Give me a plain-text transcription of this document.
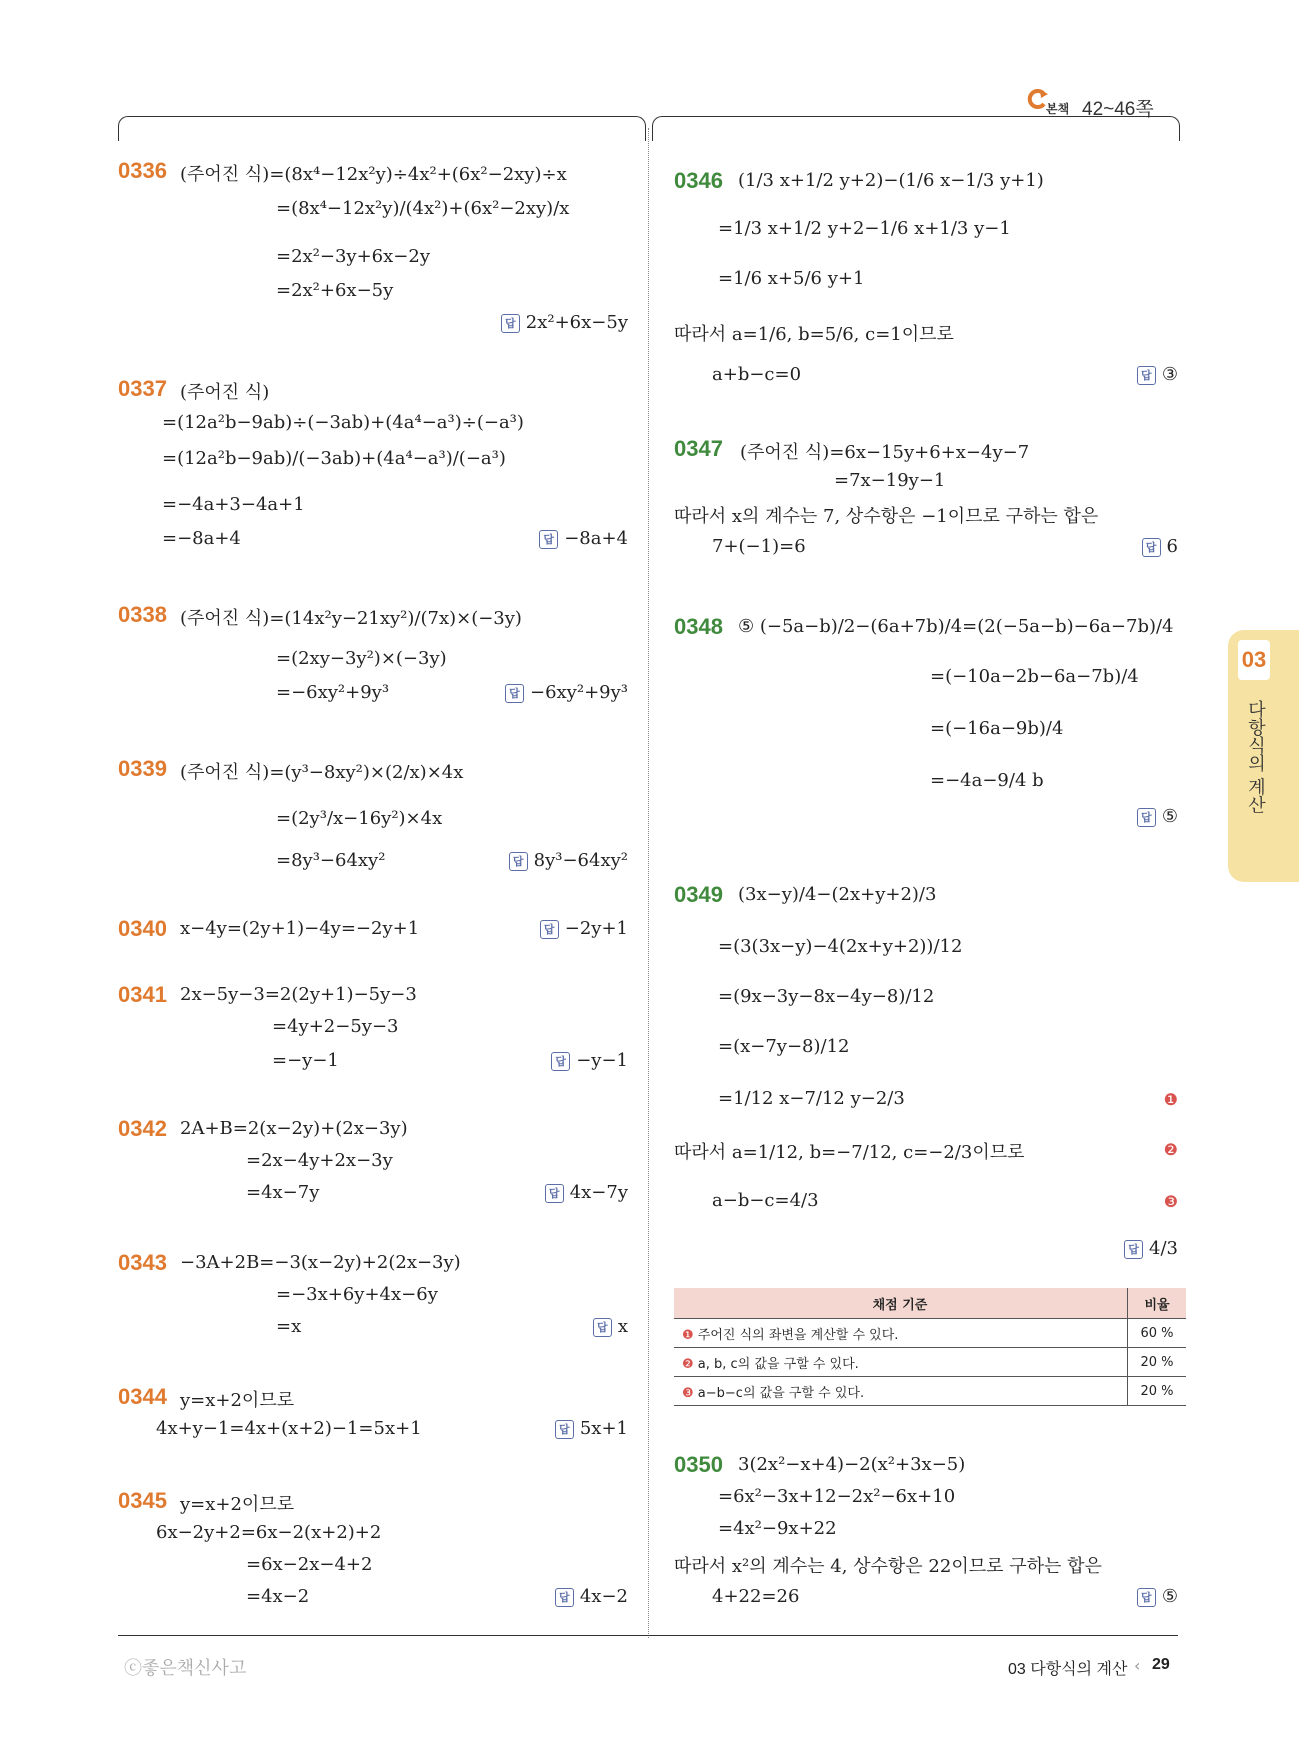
본책 42~46쪽
03
다항식의 계산
0336 (주어진 식)=(8x⁴−12x²y)÷4x²+(6x²−2xy)÷x
=(8x⁴−12x²y)/(4x²)+(6x²−2xy)/x
=2x²−3y+6x−2y
=2x²+6x−5y
답 2x²+6x−5y
0337 (주어진 식)
=(12a²b−9ab)÷(−3ab)+(4a⁴−a³)÷(−a³)
=(12a²b−9ab)/(−3ab)+(4a⁴−a³)/(−a³)
=−4a+3−4a+1
=−8a+4	답 −8a+4
0338 (주어진 식)=(14x²y−21xy²)/(7x)×(−3y)
=(2xy−3y²)×(−3y)
=−6xy²+9y³	답 −6xy²+9y³
0339 (주어진 식)=(y³−8xy²)×(2/x)×4x
=(2y³/x−16y²)×4x
=8y³−64xy²	답 8y³−64xy²
0340 x−4y=(2y+1)−4y=−2y+1	답 −2y+1
0341 2x−5y−3=2(2y+1)−5y−3
=4y+2−5y−3
=−y−1	답 −y−1
0342 2A+B=2(x−2y)+(2x−3y)
=2x−4y+2x−3y
=4x−7y	답 4x−7y
0343 −3A+2B=−3(x−2y)+2(2x−3y)
=−3x+6y+4x−6y
=x	답 x
0344 y=x+2이므로
4x+y−1=4x+(x+2)−1=5x+1	답 5x+1
0345 y=x+2이므로
6x−2y+2=6x−2(x+2)+2
=6x−2x−4+2
=4x−2	답 4x−2
0346 (1/3 x+1/2 y+2)−(1/6 x−1/3 y+1)
=1/3 x+1/2 y+2−1/6 x+1/3 y−1
=1/6 x+5/6 y+1
따라서 a=1/6, b=5/6, c=1이므로
a+b−c=0	답 ③
0347 (주어진 식)=6x−15y+6+x−4y−7
=7x−19y−1
따라서 x의 계수는 7, 상수항은 −1이므로 구하는 합은
7+(−1)=6	답 6
0348 ⑤ (−5a−b)/2−(6a+7b)/4=(2(−5a−b)−6a−7b)/4
=(−10a−2b−6a−7b)/4
=(−16a−9b)/4
=−4a−9/4 b
답 ⑤
0349 (3x−y)/4−(2x+y+2)/3
=(3(3x−y)−4(2x+y+2))/12
=(9x−3y−8x−4y−8)/12
=(x−7y−8)/12
=1/12 x−7/12 y−2/3	❶
따라서 a=1/12, b=−7/12, c=−2/3이므로	❷
a−b−c=4/3	❸
답 4/3
채점 기준	비율
❶ 주어진 식의 좌변을 계산할 수 있다.	60 %
❷ a, b, c의 값을 구할 수 있다.	20 %
❸ a−b−c의 값을 구할 수 있다.	20 %
0350 3(2x²−x+4)−2(x²+3x−5)
=6x²−3x+12−2x²−6x+10
=4x²−9x+22
따라서 x²의 계수는 4, 상수항은 22이므로 구하는 합은
4+22=26	답 ⑤
ⓒ좋은책신사고	03 다항식의 계산 ‹ 29
